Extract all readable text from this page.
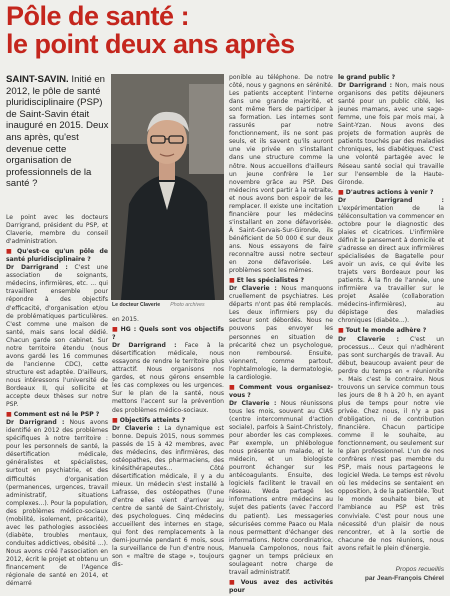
Pôle de santé :
le point deux ans après

SAINT-SAVIN. Initié en 2012, le pôle de santé pluridisciplinaire (PSP) de Saint-Savin était inauguré en 2015. Deux ans après, qu'est devenue cette organisation de professionnels de la santé ?

Le docteur Claverie Photo archives

Le point avec les docteurs Darrigrand, président du PSP, et Claverie, membre du conseil d'administration.

■ Qu'est-ce qu'un pôle de santé pluridisciplinaire ?

Dr Darrigrand : C'est une association de soignants, médecins, infirmières, etc. ... qui travaillent ensemble pour répondre à des objectifs d'efficacité, d'organisation et/ou de problématiques particulières. C'est comme une maison de santé, mais sans local dédié. Chacun garde son cabinet. Sur notre territoire étendu (nous avons gardé les 16 communes de l'ancienne CDC), cette structure est adaptée. D'ailleurs, nous intéressons l'université de Bordeaux II, qui sollicite et accepte deux thèses sur notre PSP.

■ Comment est né le PSP ?

Dr Darrigrand : Nous avons identifié en 2012 des problèmes spécifiques à notre territoire : pour les personnels de santé, la désertification médicale, généralistes et spécialistes, surtout en psychiatrie, et des difficultés d'organisation (permanences, urgences, travail administratif, situations complexes...). Pour la population, des problèmes médico-sociaux (mobilité, isolement, précarité), avec les pathologies associées (diabète, troubles mentaux, conduites addictives, obésité ...). Nous avons créé l'association en 2012, écrit le projet et obtenu un financement de l'Agence régionale de santé en 2014, et démarré

en 2015.

■ HG : Quels sont vos objectifs ?

Dr Darrigrand : Face à la désertification médicale, nous essayons de rendre le territoire plus attractif. Nous organisons nos gardes, et nous gérons ensemble les cas complexes ou les urgences. Sur le plan de la santé, nous mettons l'accent sur la prévention des problèmes médico-sociaux.

■ Objectifs atteints ?

Dr Claverie : La dynamique est bonne. Depuis 2015, nous sommes passés de 15 à 42 membres, avec des médecins, des infirmières, des ostéopathes, des pharmaciens, des kinésithérapeutes... Côté désertification médicale, il y a du mieux. Un médecin s'est installé à Lafrasse, des ostéopathes (l'une d'entre elles vient d'arriver au centre de santé de Saint-Christoly, des psychologues. Cinq médecins accueillent des internes en stage, qui font des remplacements à la demi-journée pendant 6 mois, sous la surveillance de l'un d'entre nous, son « maître de stage », toujours dis-

ponible au téléphone. De notre côté, nous y gagnons en sérénité. Les patients acceptent l'interne dans une grande majorité, et sont même fiers de participer à sa formation. Les internes sont rassurés par notre fonctionnement, ils ne sont pas seuls, et ils savent qu'ils auront une vie privée en s'installant dans une structure comme la nôtre. Nous accueillons d'ailleurs un jeune confrère le 1er novembre grâce au PSP. Des médecins vont partir à la retraite, et nous avons bon espoir de les remplacer. Il existe une incitation financière pour les médecins s'installant en zone défavorisée. À Saint-Gervais-Sur-Gironde, ils bénéficient de 50 000 € sur deux ans. Nous essayons de faire reconnaître aussi notre secteur en zone défavorisée. Les problèmes sont les mêmes.

■ Et les spécialistes ?

Dr Claverie : Nous manquons cruellement de psychiatres. Les départs n'ont pas été remplacés. Les deux infirmiers psy du secteur sont débordés. Nous ne pouvons pas envoyer les personnes en situation de précarité chez un psychologue, non remboursé. Ensuite, viennent, comme partout, l'ophtalmologie, la dermatologie, la cardiologie.

■ Comment vous organisez-vous ?

Dr Claverie : Nous réunissons tous les mois, souvent au CIAS (centre intercommunal d'action sociale), parfois à Saint-Christoly, pour aborder les cas complexes. Par exemple, un phlébologue nous présente un malade, et le médecin, et un biologiste pourront échanger sur les antécoagulants. Ensuite, des logiciels facilitent le travail en réseau. Weda partagé les informations entre médecins au sujet des patients (avec l'accord du patient). Les messageries sécurisées comme Paaco ou Mala nous permettent d'échanger des informations. Notre coordinatrice, Manuela Campolonos, nous fait gagner un temps précieux en soulageant notre charge de travail administratif.

■ Vous avez des activités pour
le grand public ?

Dr Darrigrand : Non, mais nous organisons des petits déjeuners santé pour un public ciblé, les jeunes mamans, avec une sage-femme, une fois par mois mai, à Saint-Yzan. Nous avons des projets de formation auprès de patients touchés par des maladies chroniques, les diabétiques. C'est une volonté partagée avec le Réseau santé social qui travaille sur l'ensemble de la Haute-Gironde.

■ D'autres actions à venir ?

Dr Darrigrand : L'expérimentation de la téléconsultation va commencer en octobre pour le diagnostic des plaies et cicatrices. L'infirmière définit le pansement à domicile et s'adresse en direct aux infirmières spécialisées de Bagatelle pour avoir un avis, ce qui évite les trajets vers Bordeaux pour les patients. À la fin de l'année, une infirmière va travailler sur le projet Asalée (collaboration médecins-infirmières), au dépistage des maladies chroniques (diabète...).

■ Tout le monde adhère ?

Dr Claverie : C'est un processus... Ceux qui n'adhèrent pas sont surchargés de travail. Au début, beaucoup avaient peur de perdre du temps en « réunionite ». Mais c'est le contraire. Nous trouvons un service commun tous les jours de 8 h à 20 h, en ayant plus de temps pour notre vie privée. Chez nous, il n'y a pas d'obligation, ni de contribution financière. Chacun participe comme il le souhaite, au fonctionnement, ou seulement sur le plan professionnel. L'un de nos confrères n'est pas membre du PSP, mais nous partageons le logiciel Weda. Le temps est révolu où les médecins se sentaient en opposition, à de la patientèle. Tout le monde souhaite bien, et l'ambiance au PSP est très conviviale. C'est pour nous une nécessité d'un plaisir de nous rencontrer, et à la sortie de chacune de nos réunions, nous avons refait le plein d'énergie.

Propos recueillis
par Jean-François Chérel
